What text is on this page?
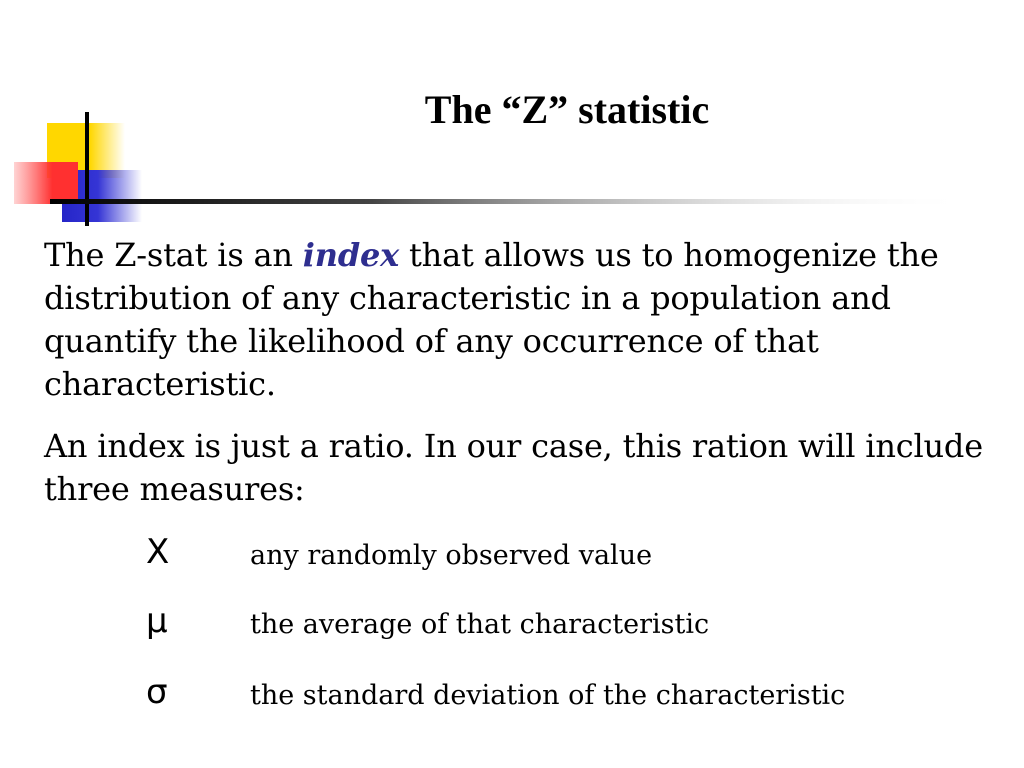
The “Z” statistic
The Z-stat is an index that allows us to homogenize the distribution of any characteristic in a population and quantify the likelihood of any occurrence of that characteristic.
An index is just a ratio. In our case, this ration will include three measures:
X	any randomly observed value
μ	the average of that characteristic
σ	the standard deviation of the characteristic
